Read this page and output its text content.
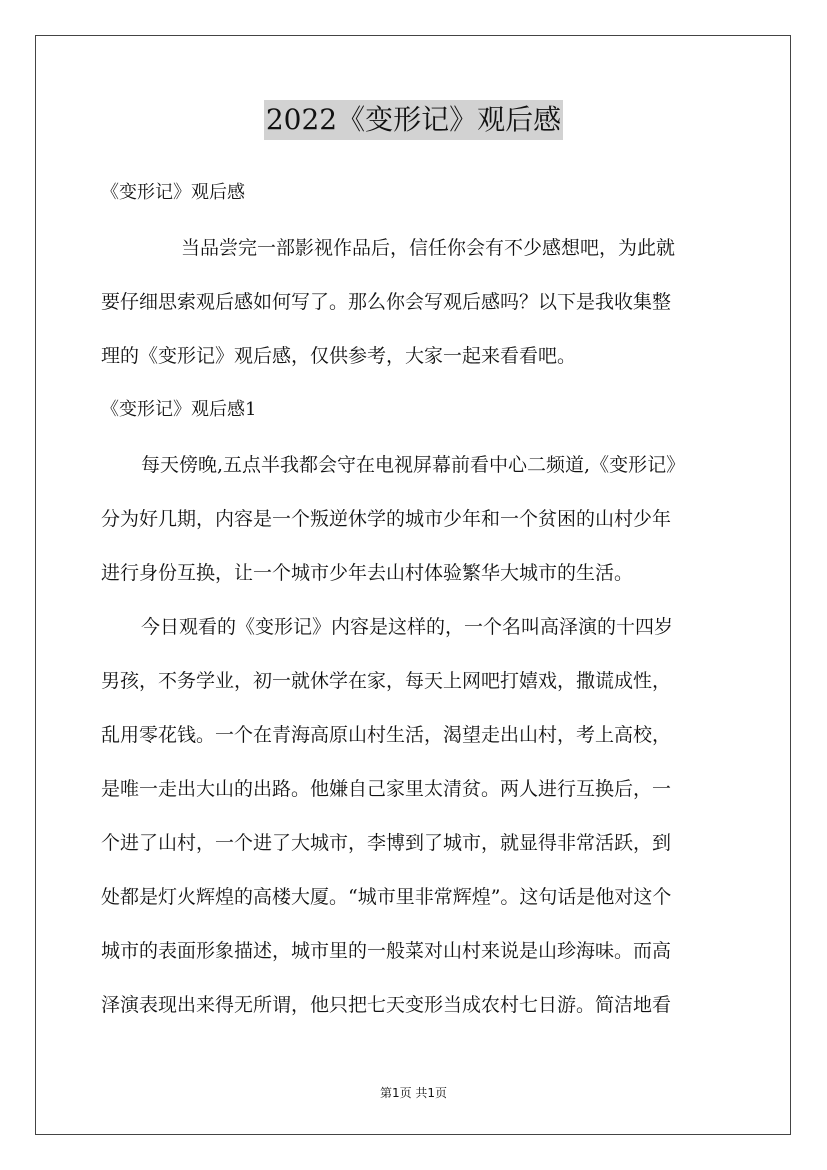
2022《变形记》观后感

《变形记》观后感

当品尝完一部影视作品后，信任你会有不少感想吧，为此就

要仔细思索观后感如何写了。那么你会写观后感吗？以下是我收集整

理的《变形记》观后感，仅供参考，大家一起来看看吧。

《变形记》观后感1

每天傍晚,五点半我都会守在电视屏幕前看中心二频道,《变形记》

分为好几期，内容是一个叛逆休学的城市少年和一个贫困的山村少年

进行身份互换，让一个城市少年去山村体验繁华大城市的生活。

今日观看的《变形记》内容是这样的，一个名叫高泽演的十四岁

男孩，不务学业，初一就休学在家，每天上网吧打嬉戏，撒谎成性，

乱用零花钱。一个在青海高原山村生活，渴望走出山村，考上高校，

是唯一走出大山的出路。他嫌自己家里太清贫。两人进行互换后，一

个进了山村，一个进了大城市，李博到了城市，就显得非常活跃，到

处都是灯火辉煌的高楼大厦。“城市里非常辉煌”。这句话是他对这个

城市的表面形象描述，城市里的一般菜对山村来说是山珍海味。而高

泽演表现出来得无所谓，他只把七天变形当成农村七日游。简洁地看

第1页 共1页
